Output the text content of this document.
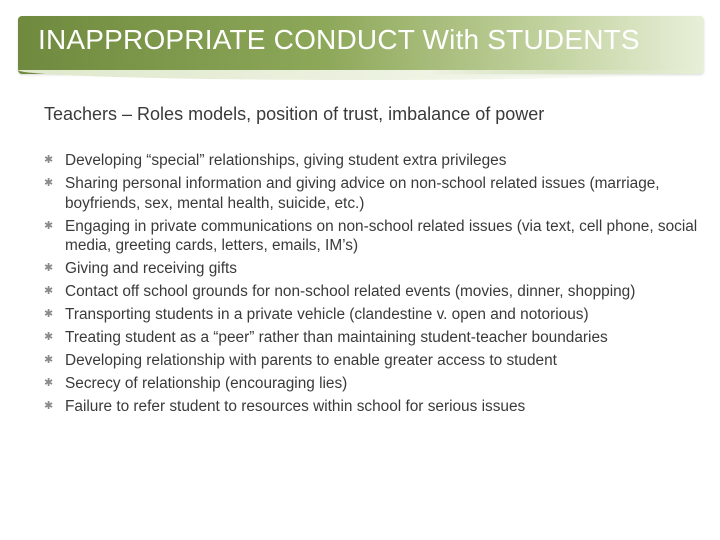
INAPPROPRIATE CONDUCT With STUDENTS
Teachers – Roles models, position of trust, imbalance of power
✱ Developing “special” relationships, giving student extra privileges
✱ Sharing personal information and giving advice on non-school related issues (marriage, boyfriends, sex, mental health, suicide, etc.)
✱ Engaging in private communications on non-school related issues (via text, cell phone, social media, greeting cards, letters, emails, IM’s)
✱ Giving and receiving gifts
✱ Contact off school grounds for non-school related events (movies, dinner, shopping)
✱ Transporting students in a private vehicle (clandestine v. open and notorious)
✱ Treating student as a “peer” rather than maintaining student-teacher boundaries
✱ Developing relationship with parents to enable greater access to student
✱ Secrecy of relationship (encouraging lies)
✱ Failure to refer student to resources within school for serious issues
